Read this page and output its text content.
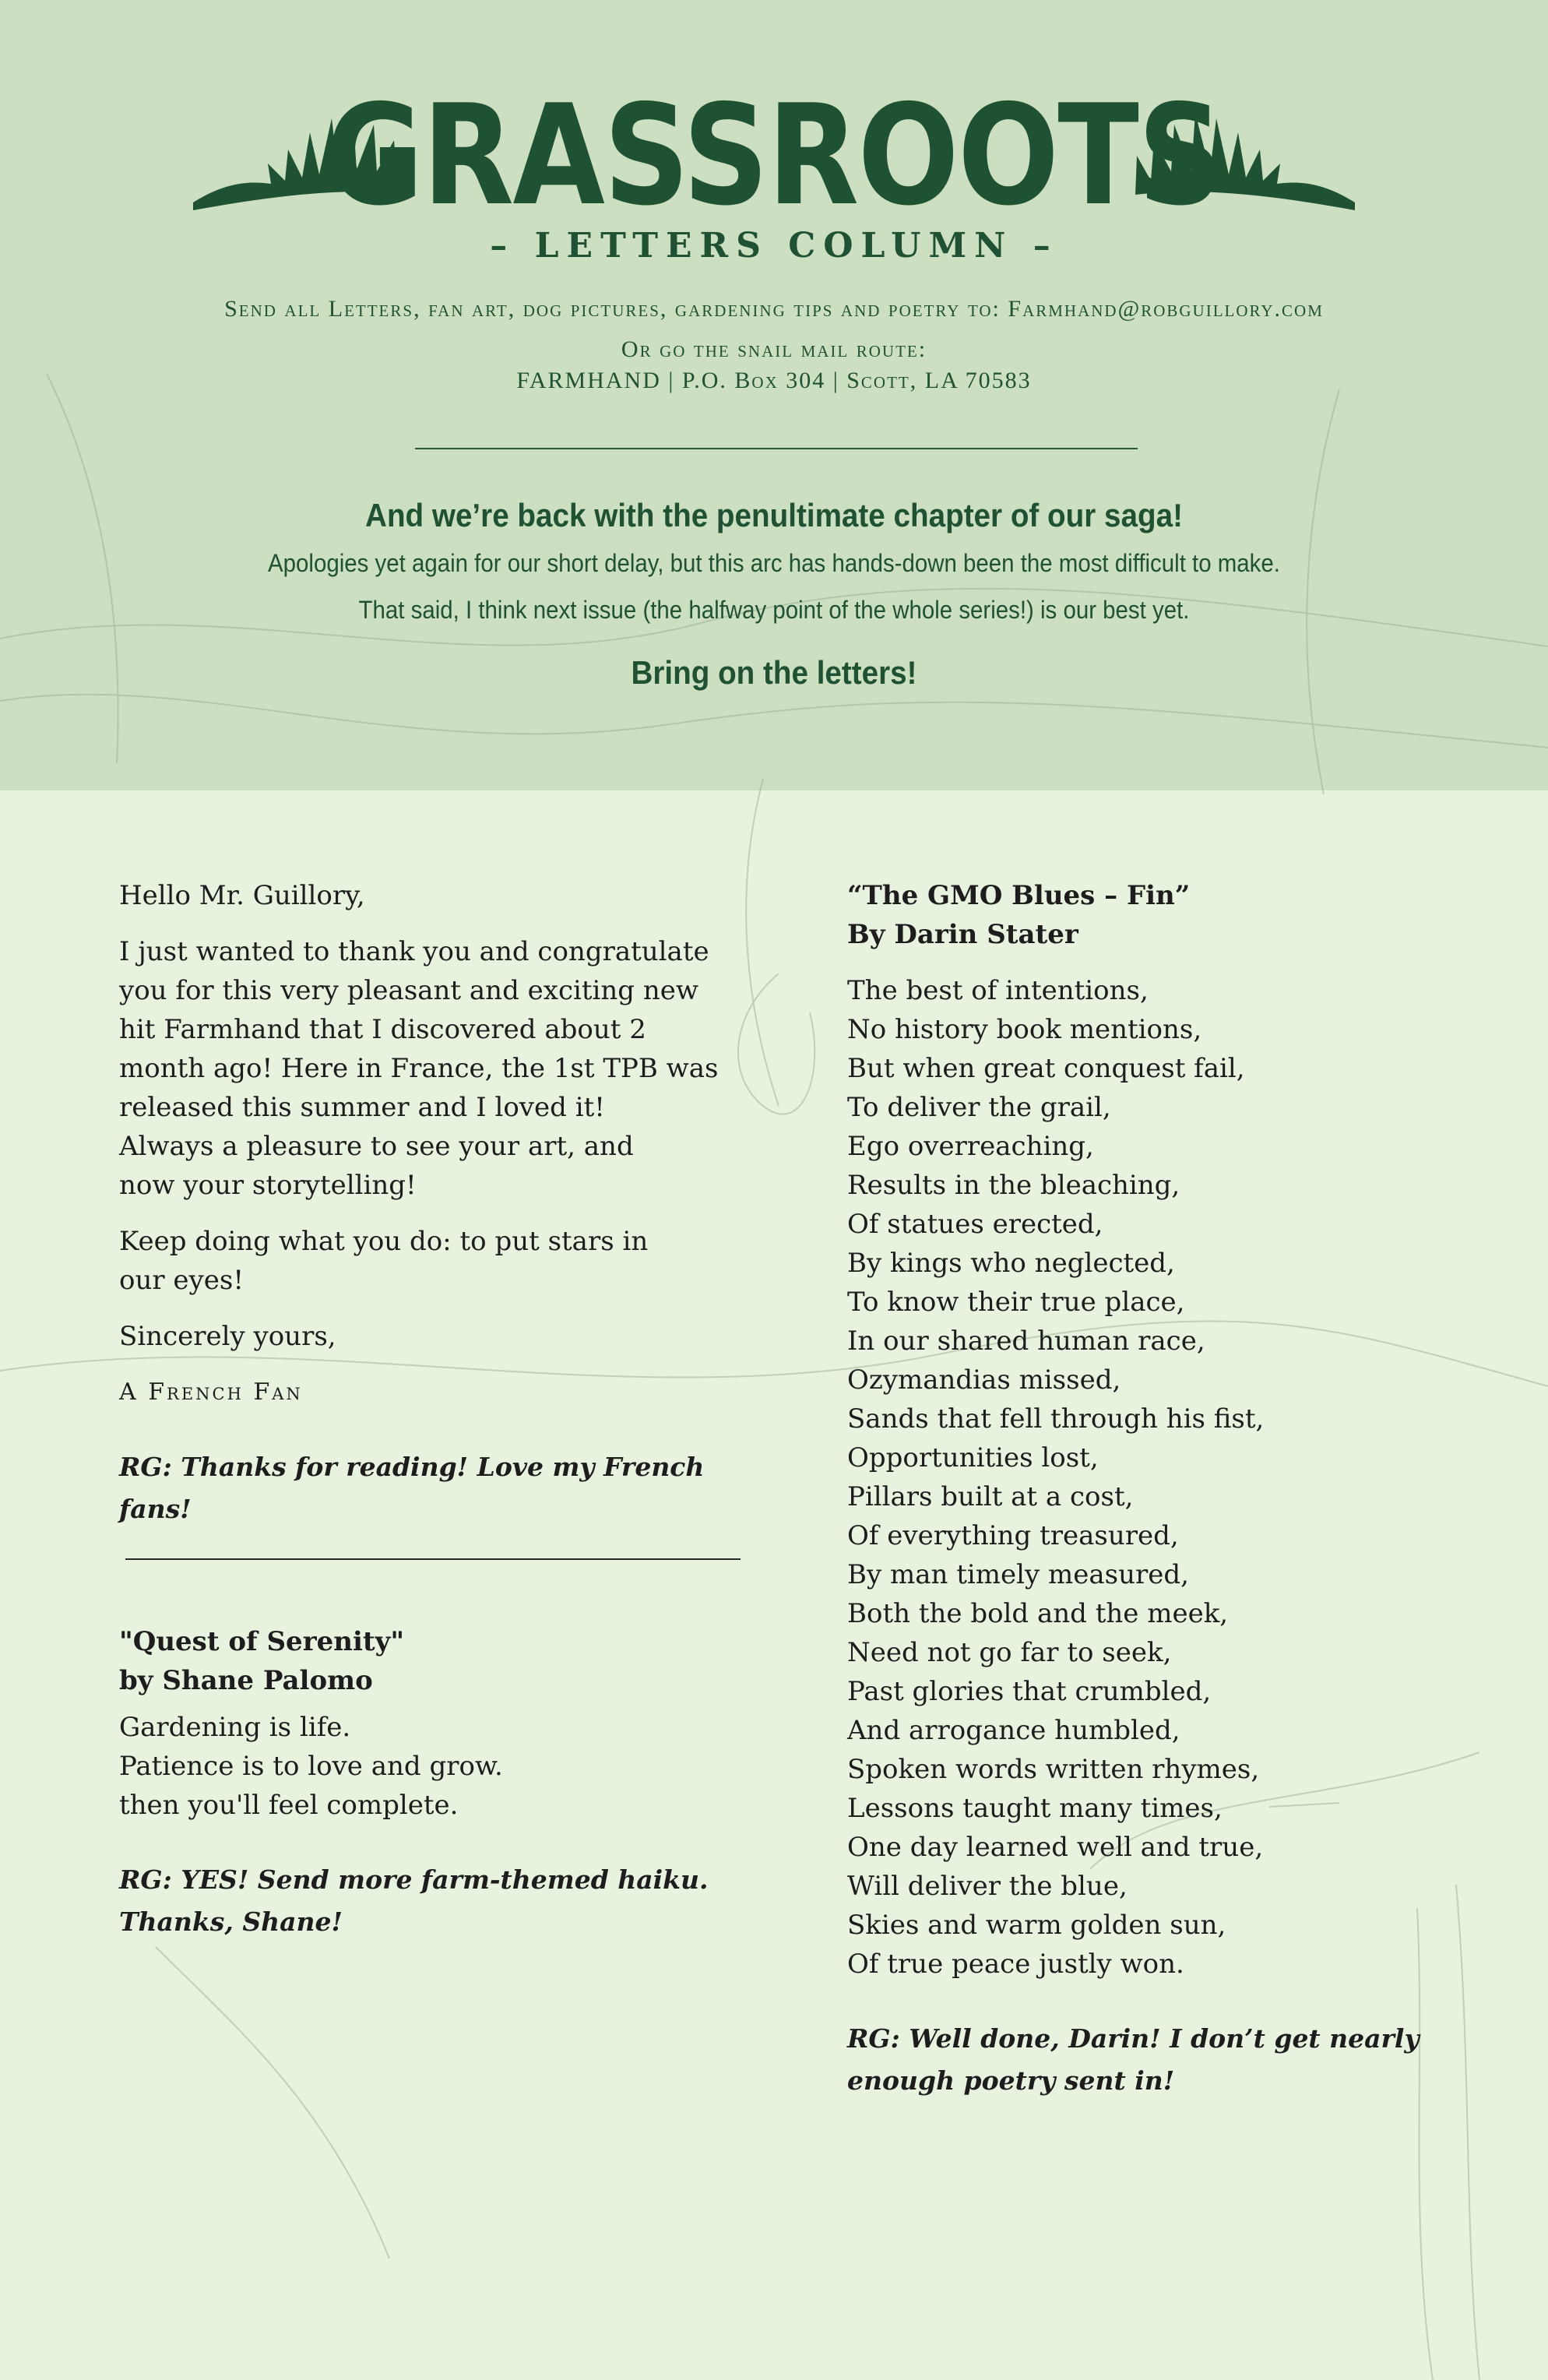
GRASSROOTS
– LETTERS COLUMN –
Send all Letters, fan art, dog pictures, gardening tips and poetry to: Farmhand@robguillory.com
Or go the snail mail route:
FARMHAND | P.O. Box 304 | Scott, LA 70583
And we’re back with the penultimate chapter of our saga!
Apologies yet again for our short delay, but this arc has hands-down been the most difficult to make.
That said, I think next issue (the halfway point of the whole series!) is our best yet.
Bring on the letters!

Hello Mr. Guillory,

I just wanted to thank you and congratulate
you for this very pleasant and exciting new
hit Farmhand that I discovered about 2
month ago! Here in France, the 1st TPB was
released this summer and I loved it!
Always a pleasure to see your art, and
now your storytelling!

Keep doing what you do: to put stars in
our eyes!

Sincerely yours,

A French Fan

RG: Thanks for reading! Love my French fans!

"Quest of Serenity"

by Shane Palomo

Gardening is life.
Patience is to love and grow.
then you'll feel complete.

RG: YES! Send more farm-themed haiku.
Thanks, Shane!

“The GMO Blues – Fin”

By Darin Stater

The best of intentions,
No history book mentions,
But when great conquest fail,
To deliver the grail,
Ego overreaching,
Results in the bleaching,
Of statues erected,
By kings who neglected,
To know their true place,
In our shared human race,
Ozymandias missed,
Sands that fell through his fist,
Opportunities lost,
Pillars built at a cost,
Of everything treasured,
By man timely measured,
Both the bold and the meek,
Need not go far to seek,
Past glories that crumbled,
And arrogance humbled,
Spoken words written rhymes,
Lessons taught many times,
One day learned well and true,
Will deliver the blue,
Skies and warm golden sun,
Of true peace justly won.

RG: Well done, Darin! I don’t get nearly
enough poetry sent in!
